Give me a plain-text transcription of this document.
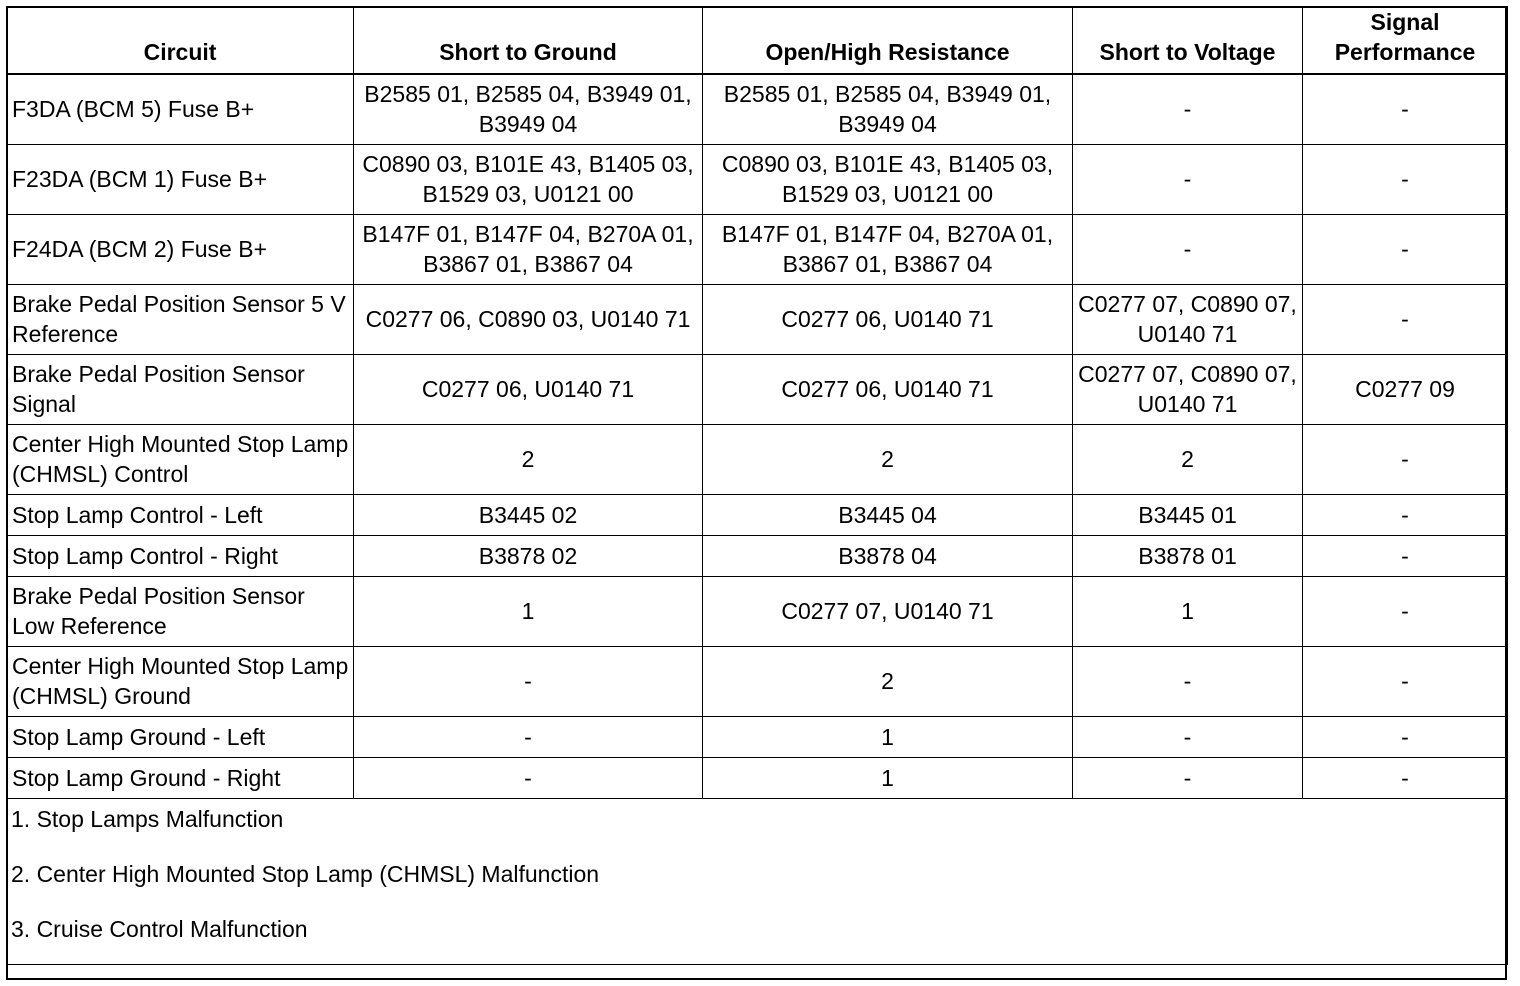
Circuit	Short to Ground	Open/High Resistance	Short to Voltage	Signal Performance
F3DA (BCM 5) Fuse B+	B2585 01, B2585 04, B3949 01, B3949 04	B2585 01, B2585 04, B3949 01, B3949 04	-	-
F23DA (BCM 1) Fuse B+	C0890 03, B101E 43, B1405 03, B1529 03, U0121 00	C0890 03, B101E 43, B1405 03, B1529 03, U0121 00	-	-
F24DA (BCM 2) Fuse B+	B147F 01, B147F 04, B270A 01, B3867 01, B3867 04	B147F 01, B147F 04, B270A 01, B3867 01, B3867 04	-	-
Brake Pedal Position Sensor 5 V Reference	C0277 06, C0890 03, U0140 71	C0277 06, U0140 71	C0277 07, C0890 07, U0140 71	-
Brake Pedal Position Sensor Signal	C0277 06, U0140 71	C0277 06, U0140 71	C0277 07, C0890 07, U0140 71	C0277 09
Center High Mounted Stop Lamp (CHMSL) Control	2	2	2	-
Stop Lamp Control - Left	B3445 02	B3445 04	B3445 01	-
Stop Lamp Control - Right	B3878 02	B3878 04	B3878 01	-
Brake Pedal Position Sensor Low Reference	1	C0277 07, U0140 71	1	-
Center High Mounted Stop Lamp (CHMSL) Ground	-	2	-	-
Stop Lamp Ground - Left	-	1	-	-
Stop Lamp Ground - Right	-	1	-	-

1. Stop Lamps Malfunction
2. Center High Mounted Stop Lamp (CHMSL) Malfunction
3. Cruise Control Malfunction				
